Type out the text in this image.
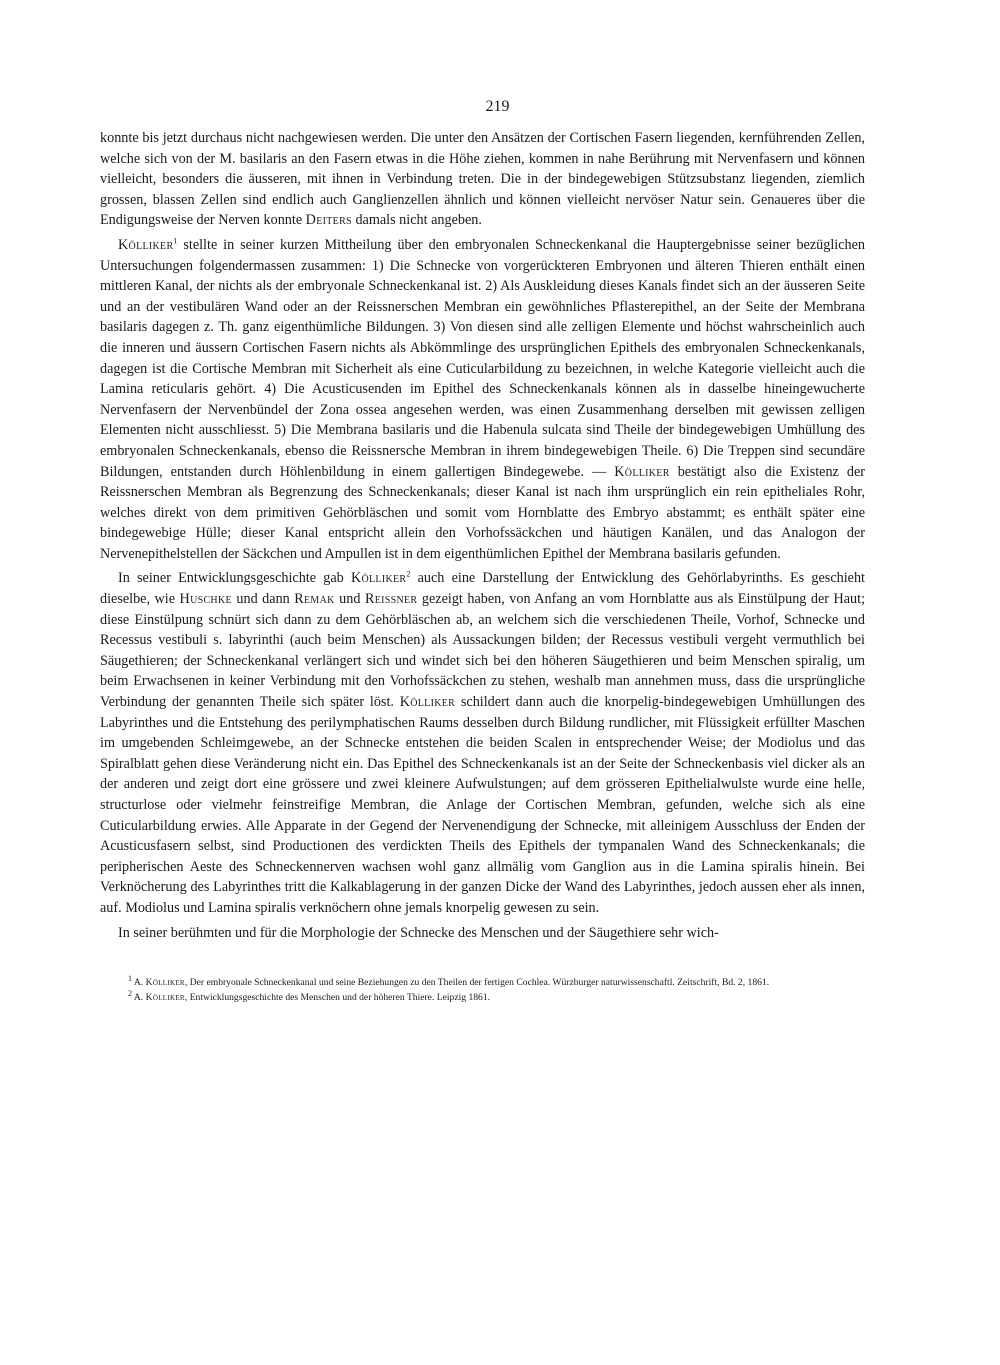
219

konnte bis jetzt durchaus nicht nachgewiesen werden. Die unter den Ansätzen der Cortischen Fasern liegenden, kernführenden Zellen, welche sich von der M. basilaris an den Fasern etwas in die Höhe ziehen, kommen in nahe Berührung mit Nervenfasern und können vielleicht, besonders die äusseren, mit ihnen in Verbindung treten. Die in der bindegewebigen Stützsubstanz liegenden, ziemlich grossen, blassen Zellen sind endlich auch Ganglienzellen ähnlich und können vielleicht nervöser Natur sein. Genaueres über die Endigungsweise der Nerven konnte Deiters damals nicht angeben.

Kölliker$^1$ stellte in seiner kurzen Mittheilung über den embryonalen Schneckenkanal die Hauptergebnisse seiner bezüglichen Untersuchungen folgendermassen zusammen: 1) Die Schnecke von vorgerückteren Embryonen und älteren Thieren enthält einen mittleren Kanal, der nichts als der embryonale Schneckenkanal ist. 2) Als Auskleidung dieses Kanals findet sich an der äusseren Seite und an der vestibulären Wand oder an der Reissnerschen Membran ein gewöhnliches Pflasterepithel, an der Seite der Membrana basilaris dagegen z. Th. ganz eigenthümliche Bildungen. 3) Von diesen sind alle zelligen Elemente und höchst wahrscheinlich auch die inneren und äussern Cortischen Fasern nichts als Abkömmlinge des ursprünglichen Epithels des embryonalen Schneckenkanals, dagegen ist die Cortische Membran mit Sicherheit als eine Cuticularbildung zu bezeichnen, in welche Kategorie vielleicht auch die Lamina reticularis gehört. 4) Die Acusticusenden im Epithel des Schneckenkanals können als in dasselbe hineingewucherte Nervenfasern der Nervenbündel der Zona ossea angesehen werden, was einen Zusammenhang derselben mit gewissen zelligen Elementen nicht ausschliesst. 5) Die Membrana basilaris und die Habenula sulcata sind Theile der bindegewebigen Umhüllung des embryonalen Schneckenkanals, ebenso die Reissnersche Membran in ihrem bindegewebigen Theile. 6) Die Treppen sind secundäre Bildungen, entstanden durch Höhlenbildung in einem gallertigen Bindegewebe. — Kölliker bestätigt also die Existenz der Reissnerschen Membran als Begrenzung des Schneckenkanals; dieser Kanal ist nach ihm ursprünglich ein rein epitheliales Rohr, welches direkt von dem primitiven Gehörbläschen und somit vom Hornblatte des Embryo abstammt; es enthält später eine bindegewebige Hülle; dieser Kanal entspricht allein den Vorhofssäckchen und häutigen Kanälen, und das Analogon der Nervenepithelstellen der Säckchen und Ampullen ist in dem eigenthümlichen Epithel der Membrana basilaris gefunden.

In seiner Entwicklungsgeschichte gab Kölliker$^2$ auch eine Darstellung der Entwicklung des Gehörlabyrinths. Es geschieht dieselbe, wie Huschke und dann Remak und Reissner gezeigt haben, von Anfang an vom Hornblatte aus als Einstülpung der Haut; diese Einstülpung schnürt sich dann zu dem Gehörbläschen ab, an welchem sich die verschiedenen Theile, Vorhof, Schnecke und Recessus vestibuli s. labyrinthi (auch beim Menschen) als Aussackungen bilden; der Recessus vestibuli vergeht vermuthlich bei Säugethieren; der Schneckenkanal verlängert sich und windet sich bei den höheren Säugethieren und beim Menschen spiralig, um beim Erwachsenen in keiner Verbindung mit den Vorhofssäckchen zu stehen, weshalb man annehmen muss, dass die ursprüngliche Verbindung der genannten Theile sich später löst. Kölliker schildert dann auch die knorpelig-bindegewebigen Umhüllungen des Labyrinthes und die Entstehung des perilymphatischen Raums desselben durch Bildung rundlicher, mit Flüssigkeit erfüllter Maschen im umgebenden Schleimgewebe, an der Schnecke entstehen die beiden Scalen in entsprechender Weise; der Modiolus und das Spiralblatt gehen diese Veränderung nicht ein. Das Epithel des Schneckenkanals ist an der Seite der Schneckenbasis viel dicker als an der anderen und zeigt dort eine grössere und zwei kleinere Aufwulstungen; auf dem grösseren Epithelialwulste wurde eine helle, structurlose oder vielmehr feinstreifige Membran, die Anlage der Cortischen Membran, gefunden, welche sich als eine Cuticularbildung erwies. Alle Apparate in der Gegend der Nervenendigung der Schnecke, mit alleinigem Ausschluss der Enden der Acusticusfasern selbst, sind Productionen des verdickten Theils des Epithels der tympanalen Wand des Schneckenkanals; die peripherischen Aeste des Schneckennerven wachsen wohl ganz allmälig vom Ganglion aus in die Lamina spiralis hinein. Bei Verknöcherung des Labyrinthes tritt die Kalkablagerung in der ganzen Dicke der Wand des Labyrinthes, jedoch aussen eher als innen, auf. Modiolus und Lamina spiralis verknöchern ohne jemals knorpelig gewesen zu sein.

In seiner berühmten und für die Morphologie der Schnecke des Menschen und der Säugethiere sehr wich-

$^1$ A. Kölliker, Der embryonale Schneckenkanal und seine Beziehungen zu den Theilen der fertigen Cochlea. Würzburger naturwissenschaftl. Zeitschrift, Bd. 2, 1861.

$^2$ A. Kölliker, Entwicklungsgeschichte des Menschen und der höheren Thiere. Leipzig 1861.
